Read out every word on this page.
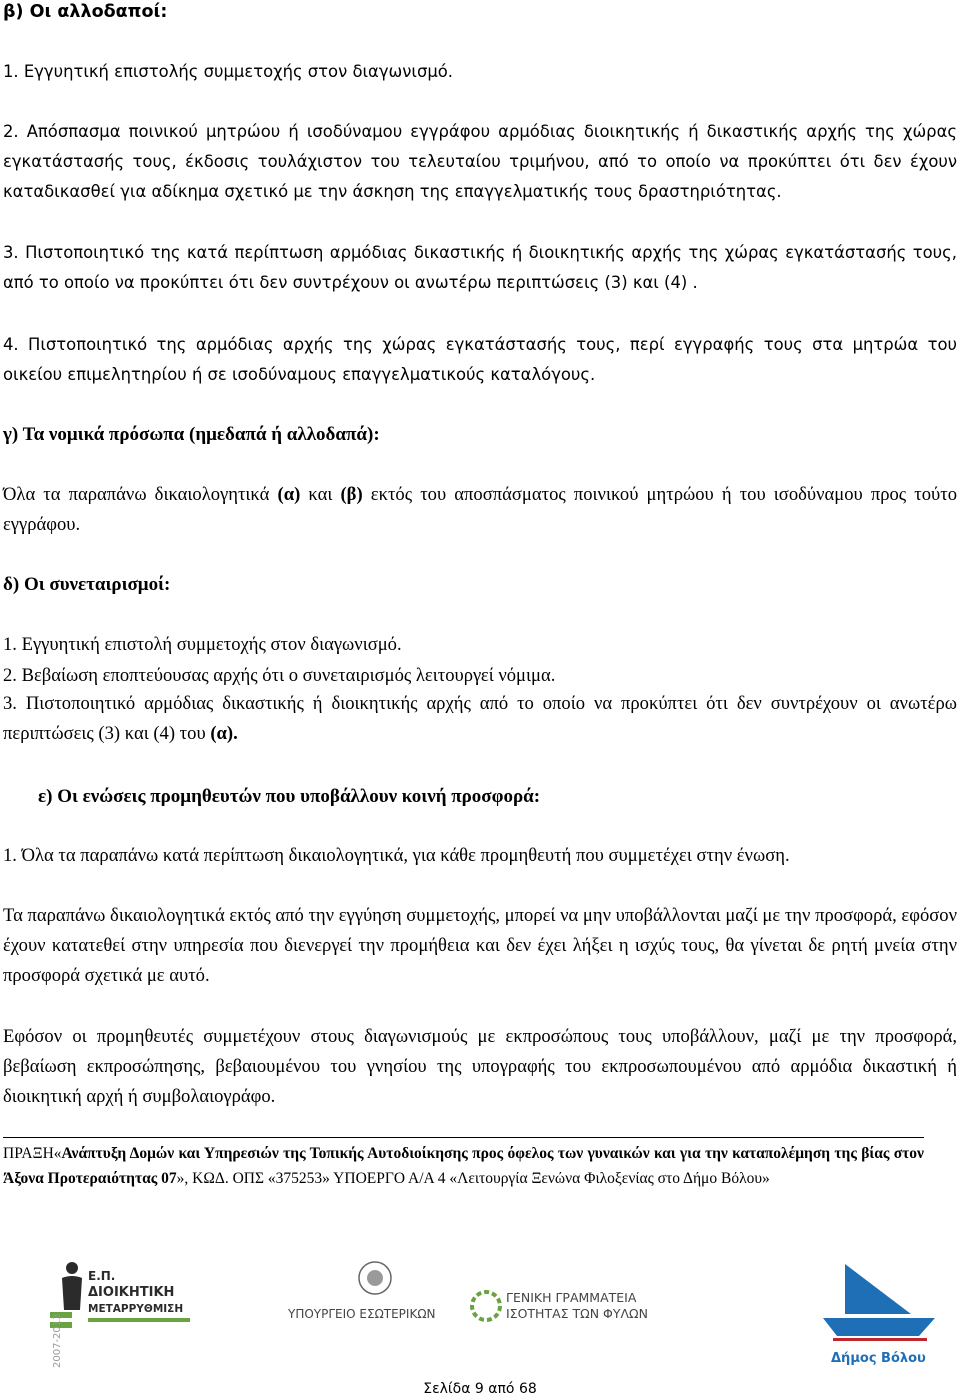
β) Οι αλλοδαποί:
1. Εγγυητική επιστολής συμμετοχής στον διαγωνισμό.

2. Απόσπασμα ποινικού μητρώου ή ισοδύναμου εγγράφου αρμόδιας διοικητικής ή δικαστικής αρχής της χώρας εγκατάστασής τους, έκδοσις τουλάχιστον του τελευταίου τριμήνου, από το οποίο να προκύπτει ότι δεν έχουν καταδικασθεί για αδίκημα σχετικό με την άσκηση της επαγγελματικής τους δραστηριότητας.

3. Πιστοποιητικό της κατά περίπτωση αρμόδιας δικαστικής ή διοικητικής αρχής της χώρας εγκατάστασής τους, από το οποίο να προκύπτει ότι δεν συντρέχουν οι ανωτέρω περιπτώσεις (3) και (4) .

4. Πιστοποιητικό της αρμόδιας αρχής της χώρας εγκατάστασής τους, περί εγγραφής τους στα μητρώα του οικείου επιμελητηρίου ή σε ισοδύναμους επαγγελματικούς καταλόγους.

γ) Τα νομικά πρόσωπα (ημεδαπά ή αλλοδαπά):

Όλα τα παραπάνω δικαιολογητικά (α) και (β) εκτός του αποσπάσματος ποινικού μητρώου ή του ισοδύναμου προς τούτο εγγράφου.

δ) Οι συνεταιρισμοί:
1. Εγγυητική επιστολή συμμετοχής στον διαγωνισμό.
2. Βεβαίωση εποπτεύουσας αρχής ότι ο συνεταιρισμός λειτουργεί νόμιμα.

3. Πιστοποιητικό αρμόδιας δικαστικής ή διοικητικής αρχής από το οποίο να προκύπτει ότι δεν συντρέχουν οι ανωτέρω περιπτώσεις (3) και (4) του (α).

ε) Οι ενώσεις προμηθευτών που υποβάλλουν κοινή προσφορά:
1. Όλα τα παραπάνω κατά περίπτωση δικαιολογητικά, για κάθε προμηθευτή που συμμετέχει στην ένωση.

Τα παραπάνω δικαιολογητικά εκτός από την εγγύηση συμμετοχής, μπορεί να μην υποβάλλονται μαζί με την προσφορά, εφόσον έχουν κατατεθεί στην υπηρεσία που διενεργεί την προμήθεια και δεν έχει λήξει η ισχύς τους, θα γίνεται δε ρητή μνεία στην προσφορά σχετικά με αυτό.

Εφόσον οι προμηθευτές συμμετέχουν στους διαγωνισμούς με εκπροσώπους τους υποβάλλουν, μαζί με την προσφορά, βεβαίωση εκπροσώπησης, βεβαιουμένου του γνησίου της υπογραφής του εκπροσωπουμένου από αρμόδια δικαστική ή διοικητική αρχή ή συμβολαιογράφο.

ΠΡΑΞΗ«Ανάπτυξη Δομών και Υπηρεσιών της Τοπικής Αυτοδιοίκησης προς όφελος των γυναικών και για την καταπολέμηση της βίας στον Άξονα Προτεραιότητας 07», ΚΩΔ. ΟΠΣ «375253» ΥΠΟΕΡΓΟ Α/Α 4 «Λειτουργία Ξενώνα Φιλοξενίας στο Δήμο Βόλου»

2007-2013
Ε.Π.
ΔΙΟΙΚΗΤΙΚΗ
ΜΕΤΑΡΡΥΘΜΙΣΗ	ΥΠΟΥΡΓΕΙΟ ΕΣΩΤΕΡΙΚΩΝ
ΓΕΝΙΚΗ ΓΡΑΜΜΑΤΕΙΑ
ΙΣΟΤΗΤΑΣ ΤΩΝ ΦΥΛΩΝ
Δήμος Βόλου
Σελίδα 9 από 68
